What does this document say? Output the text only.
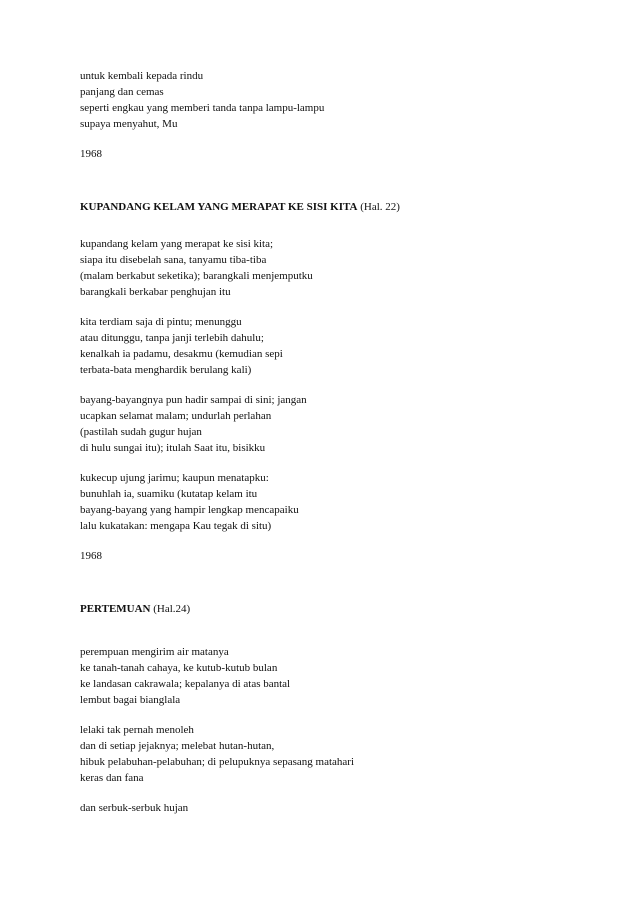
untuk kembali kepada rindu
panjang dan cemas
seperti engkau yang memberi tanda tanpa lampu-lampu
supaya menyahut, Mu
1968
KUPANDANG KELAM YANG MERAPAT KE SISI KITA (Hal. 22)
kupandang kelam yang merapat ke sisi kita;
siapa itu disebelah sana, tanyamu tiba-tiba
(malam berkabut seketika); barangkali menjemputku
barangkali berkabar penghujan itu
kita terdiam saja di pintu; menunggu
atau ditunggu, tanpa janji terlebih dahulu;
kenalkah ia padamu, desakmu (kemudian sepi
terbata-bata menghardik berulang kali)
bayang-bayangnya pun hadir sampai di sini; jangan
ucapkan selamat malam; undurlah perlahan
(pastilah sudah gugur hujan
di hulu sungai itu); itulah Saat itu, bisikku
kukecup ujung jarimu; kaupun menatapku:
bunuhlah ia, suamiku (kutatap kelam itu
bayang-bayang yang hampir lengkap mencapaiku
lalu kukatakan: mengapa Kau tegak di situ)
1968
PERTEMUAN (Hal.24)
perempuan mengirim air matanya
ke tanah-tanah cahaya, ke kutub-kutub bulan
ke landasan cakrawala; kepalanya di atas bantal
lembut bagai bianglala
lelaki tak pernah menoleh
dan di setiap jejaknya; melebat hutan-hutan,
hibuk pelabuhan-pelabuhan; di pelupuknya sepasang matahari
keras dan fana
dan serbuk-serbuk hujan
